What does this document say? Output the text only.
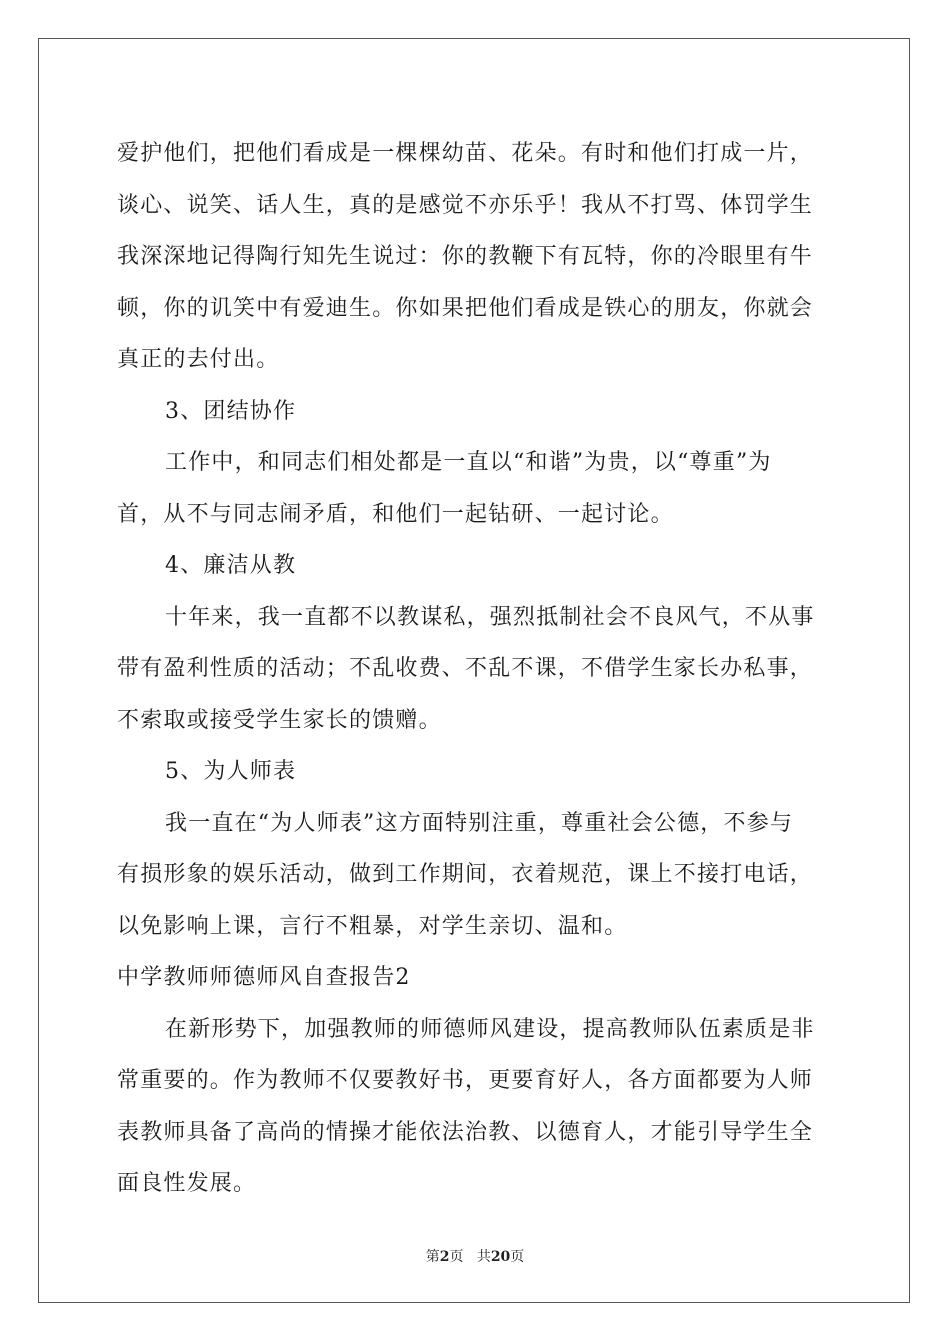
爱护他们，把他们看成是一棵棵幼苗、花朵。有时和他们打成一片，

谈心、说笑、话人生，真的是感觉不亦乐乎！我从不打骂、体罚学生

我深深地记得陶行知先生说过：你的教鞭下有瓦特，你的冷眼里有牛

顿，你的讥笑中有爱迪生。你如果把他们看成是铁心的朋友，你就会

真正的去付出。

3、团结协作

工作中，和同志们相处都是一直以“和谐”为贵，以“尊重”为

首，从不与同志闹矛盾，和他们一起钻研、一起讨论。

4、廉洁从教

十年来，我一直都不以教谋私，强烈抵制社会不良风气，不从事

带有盈利性质的活动；不乱收费、不乱不课，不借学生家长办私事，

不索取或接受学生家长的馈赠。

5、为人师表

我一直在“为人师表”这方面特别注重，尊重社会公德，不参与

有损形象的娱乐活动，做到工作期间，衣着规范，课上不接打电话，

以免影响上课，言行不粗暴，对学生亲切、温和。

中学教师师德师风自查报告2

在新形势下，加强教师的师德师风建设，提高教师队伍素质是非

常重要的。作为教师不仅要教好书，更要育好人，各方面都要为人师

表教师具备了高尚的情操才能依法治教、以德育人，才能引导学生全

面良性发展。

第2页 共20页
